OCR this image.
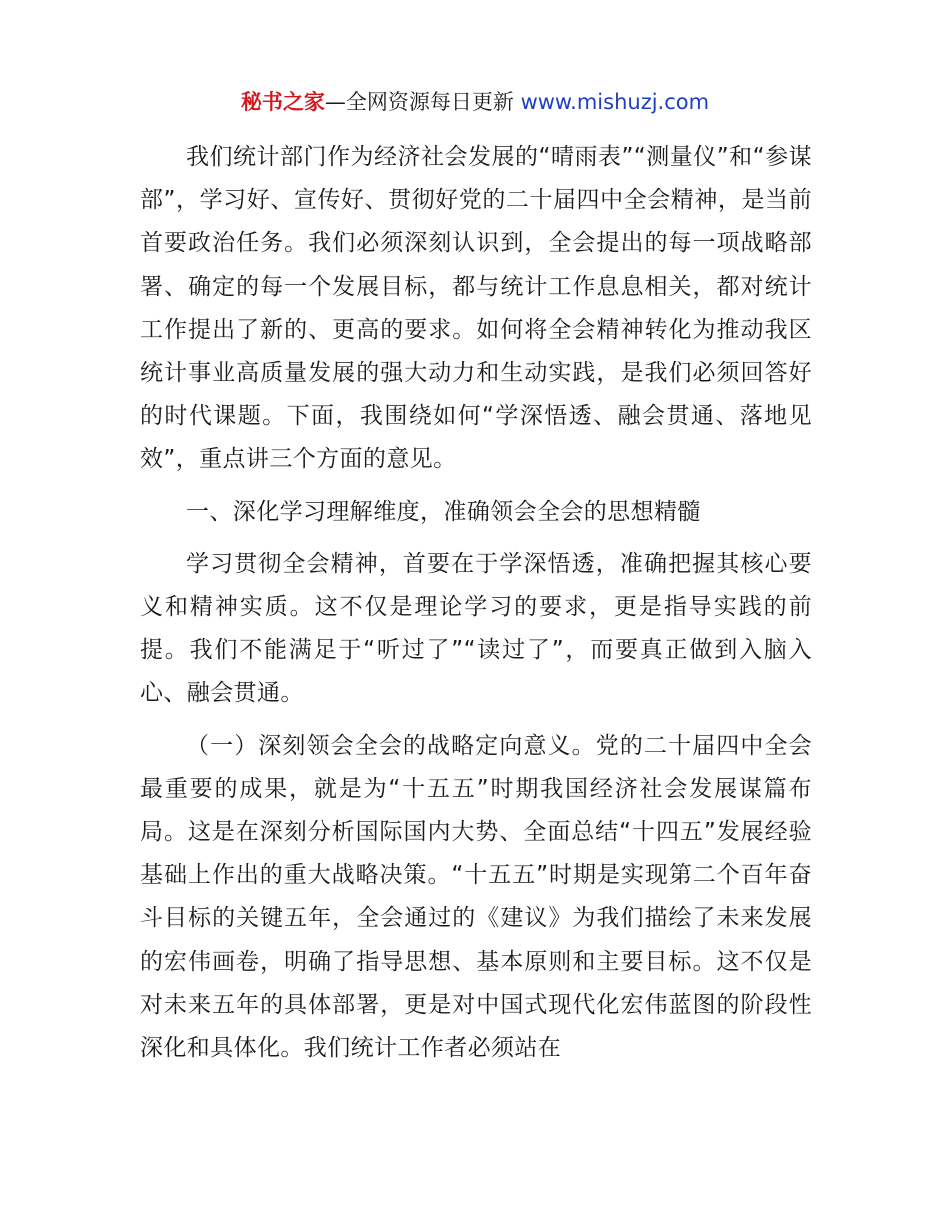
秘书之家—全网资源每日更新 www.mishuzj.com

我们统计部门作为经济社会发展的“晴雨表”“测量仪”和“参谋部”，学习好、宣传好、贯彻好党的二十届四中全会精神，是当前首要政治任务。我们必须深刻认识到，全会提出的每一项战略部署、确定的每一个发展目标，都与统计工作息息相关，都对统计工作提出了新的、更高的要求。如何将全会精神转化为推动我区统计事业高质量发展的强大动力和生动实践，是我们必须回答好的时代课题。下面，我围绕如何“学深悟透、融会贯通、落地见效”，重点讲三个方面的意见。

一、深化学习理解维度，准确领会全会的思想精髓

学习贯彻全会精神，首要在于学深悟透，准确把握其核心要义和精神实质。这不仅是理论学习的要求，更是指导实践的前提。我们不能满足于“听过了”“读过了”，而要真正做到入脑入心、融会贯通。

（一）深刻领会全会的战略定向意义。党的二十届四中全会最重要的成果，就是为“十五五”时期我国经济社会发展谋篇布局。这是在深刻分析国际国内大势、全面总结“十四五”发展经验基础上作出的重大战略决策。“十五五”时期是实现第二个百年奋斗目标的关键五年，全会通过的《建议》为我们描绘了未来发展的宏伟画卷，明确了指导思想、基本原则和主要目标。这不仅是对未来五年的具体部署，更是对中国式现代化宏伟蓝图的阶段性深化和具体化。我们统计工作者必须站在
